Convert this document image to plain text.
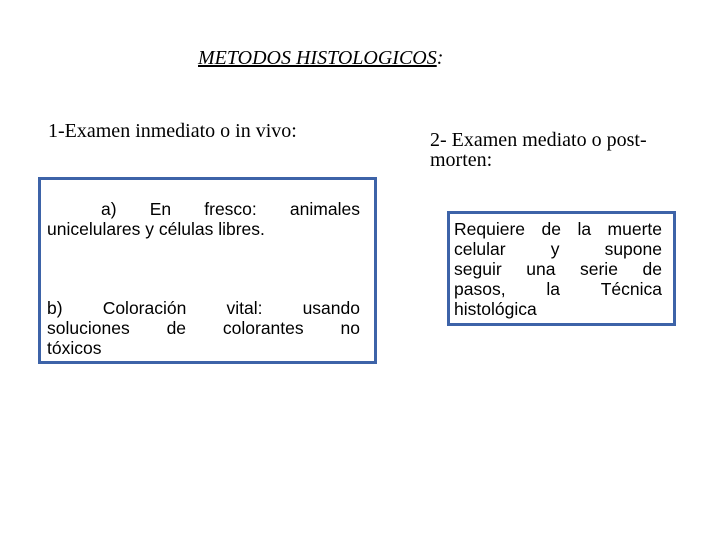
METODOS HISTOLOGICOS:
1-Examen inmediato o in vivo:	2- Examen mediato o post-
morten:
a) En fresco: animales
unicelulares y células libres.
b) Coloración vital: usando
soluciones de colorantes no
tóxicos
Requiere de la muerte
celular	y	supone
seguir una serie de
pasos, la Técnica
histológica
